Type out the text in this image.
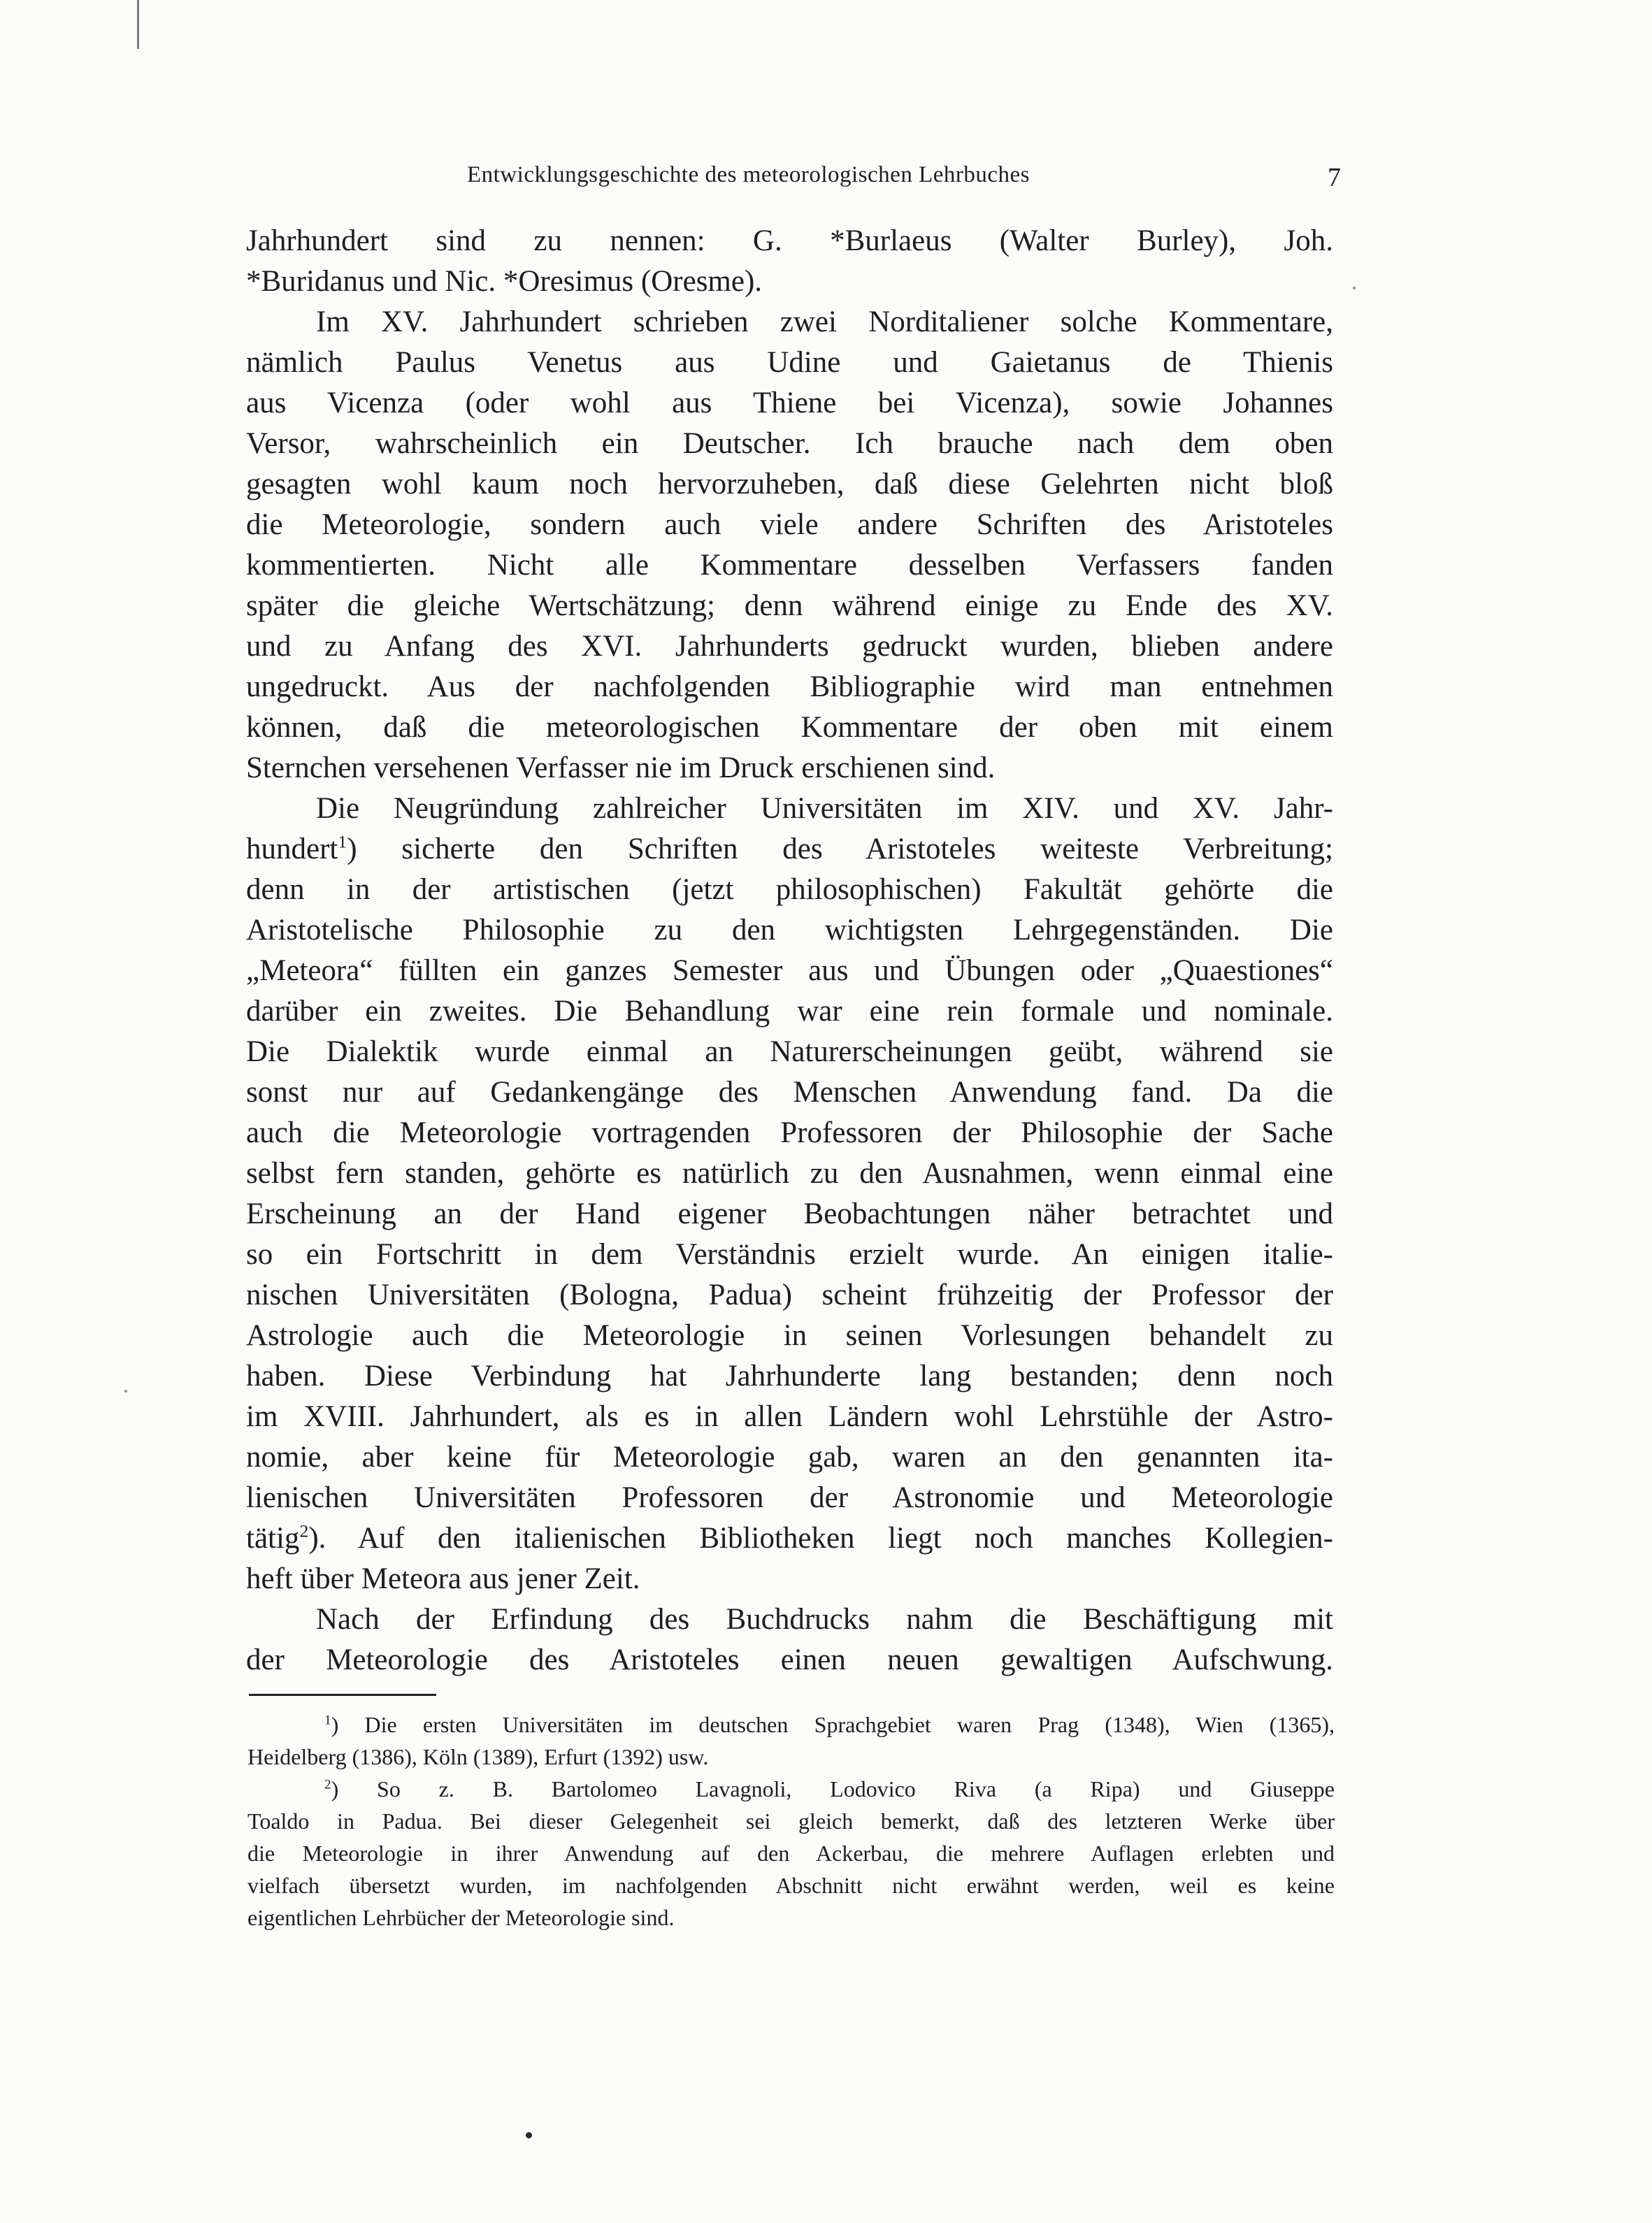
Entwicklungsgeschichte des meteorologischen Lehrbuches	7

Jahrhundert sind zu nennen: G. *Burlaeus (Walter Burley), Joh.
*Buridanus und Nic. *Oresimus (Oresme).

Im XV. Jahrhundert schrieben zwei Norditaliener solche Kommentare,
nämlich Paulus Venetus aus Udine und Gaietanus de Thienis
aus Vicenza (oder wohl aus Thiene bei Vicenza), sowie Johannes
Versor, wahrscheinlich ein Deutscher. Ich brauche nach dem oben
gesagten wohl kaum noch hervorzuheben, daß diese Gelehrten nicht bloß
die Meteorologie, sondern auch viele andere Schriften des Aristoteles
kommentierten. Nicht alle Kommentare desselben Verfassers fanden
später die gleiche Wertschätzung; denn während einige zu Ende des XV.
und zu Anfang des XVI. Jahrhunderts gedruckt wurden, blieben andere
ungedruckt. Aus der nachfolgenden Bibliographie wird man entnehmen
können, daß die meteorologischen Kommentare der oben mit einem
Sternchen versehenen Verfasser nie im Druck erschienen sind.

Die Neugründung zahlreicher Universitäten im XIV. und XV. Jahr-
hundert$^1$) sicherte den Schriften des Aristoteles weiteste Verbreitung;
denn in der artistischen (jetzt philosophischen) Fakultät gehörte die
Aristotelische Philosophie zu den wichtigsten Lehrgegenständen. Die
„Meteora“ füllten ein ganzes Semester aus und Übungen oder „Quaestiones“
darüber ein zweites. Die Behandlung war eine rein formale und nominale.
Die Dialektik wurde einmal an Naturerscheinungen geübt, während sie
sonst nur auf Gedankengänge des Menschen Anwendung fand. Da die
auch die Meteorologie vortragenden Professoren der Philosophie der Sache
selbst fern standen, gehörte es natürlich zu den Ausnahmen, wenn einmal eine
Erscheinung an der Hand eigener Beobachtungen näher betrachtet und
so ein Fortschritt in dem Verständnis erzielt wurde. An einigen italie-
nischen Universitäten (Bologna, Padua) scheint frühzeitig der Professor der
Astrologie auch die Meteorologie in seinen Vorlesungen behandelt zu
haben. Diese Verbindung hat Jahrhunderte lang bestanden; denn noch
im XVIII. Jahrhundert, als es in allen Ländern wohl Lehrstühle der Astro-
nomie, aber keine für Meteorologie gab, waren an den genannten ita-
lienischen Universitäten Professoren der Astronomie und Meteorologie
tätig$^2$). Auf den italienischen Bibliotheken liegt noch manches Kollegien-
heft über Meteora aus jener Zeit.

Nach der Erfindung des Buchdrucks nahm die Beschäftigung mit
der Meteorologie des Aristoteles einen neuen gewaltigen Aufschwung.

$^1$) Die ersten Universitäten im deutschen Sprachgebiet waren Prag (1348), Wien (1365),
Heidelberg (1386), Köln (1389), Erfurt (1392) usw.

$^2$) So z. B. Bartolomeo Lavagnoli, Lodovico Riva (a Ripa) und Giuseppe
Toaldo in Padua. Bei dieser Gelegenheit sei gleich bemerkt, daß des letzteren Werke über
die Meteorologie in ihrer Anwendung auf den Ackerbau, die mehrere Auflagen erlebten und
vielfach übersetzt wurden, im nachfolgenden Abschnitt nicht erwähnt werden, weil es keine
eigentlichen Lehrbücher der Meteorologie sind.
